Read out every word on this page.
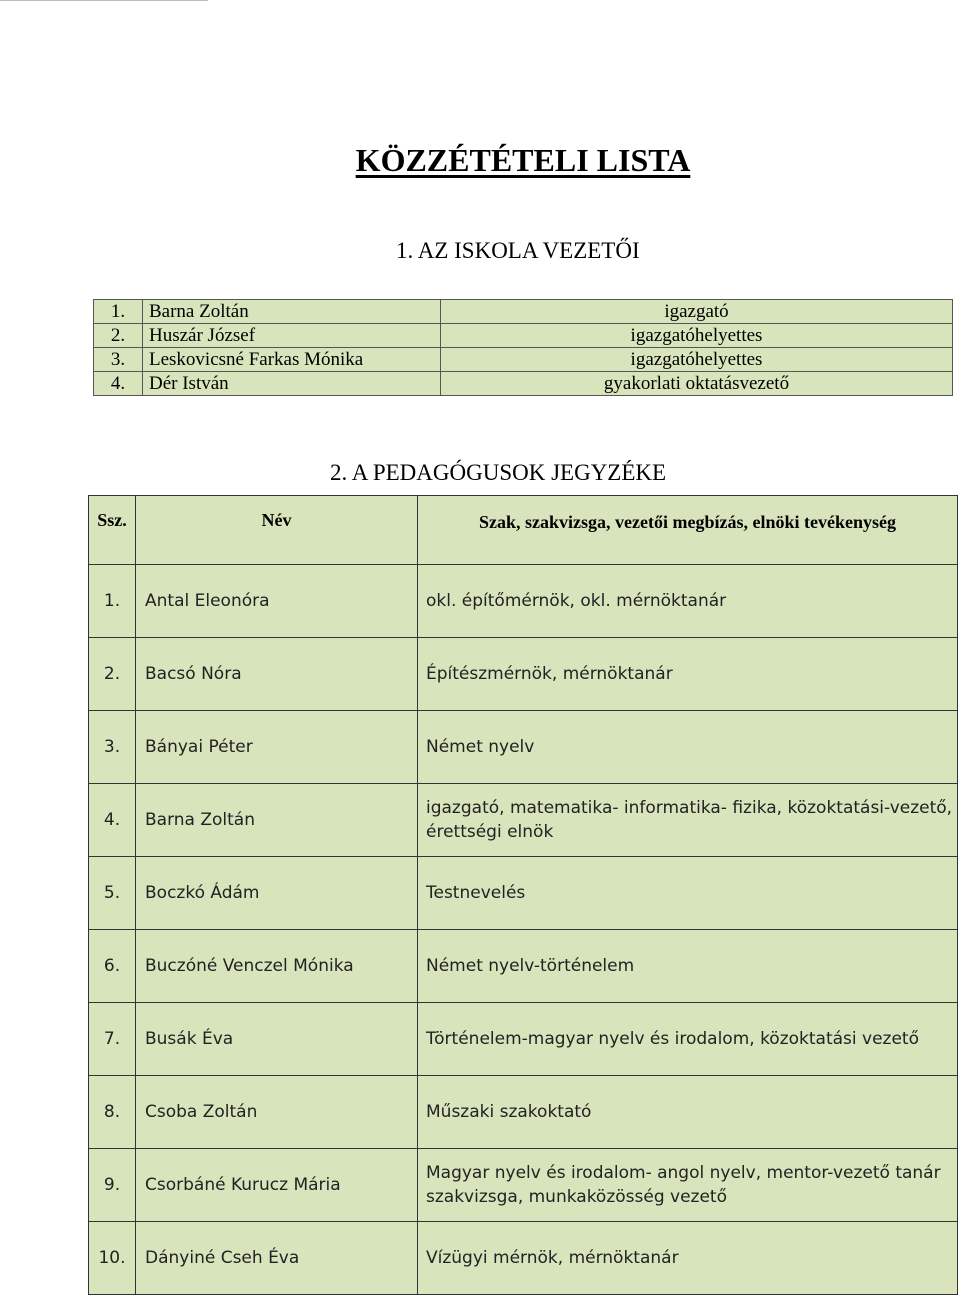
KÖZZÉTÉTELI LISTA
1. AZ ISKOLA VEZETŐI
1.	Barna Zoltán	igazgató
2.	Huszár József	igazgatóhelyettes
3.	Leskovicsné Farkas Mónika	igazgatóhelyettes
4.	Dér István	gyakorlati oktatásvezető
2. A PEDAGÓGUSOK JEGYZÉKE
Ssz.	Név	Szak, szakvizsga, vezetői megbízás, elnöki tevékenység
1.	Antal Eleonóra	okl. építőmérnök, okl. mérnöktanár
2.	Bacsó Nóra	Építészmérnök, mérnöktanár
3.	Bányai Péter	Német nyelv
4.	Barna Zoltán	igazgató, matematika- informatika- fizika, közoktatási-vezető, érettségi elnök
5.	Boczkó Ádám	Testnevelés
6.	Buczóné Venczel Mónika	Német nyelv-történelem
7.	Busák Éva	Történelem-magyar nyelv és irodalom, közoktatási vezető
8.	Csoba Zoltán	Műszaki szakoktató
9.	Csorbáné Kurucz Mária	Magyar nyelv és irodalom- angol nyelv, mentor-vezető tanár szakvizsga, munkaközösség vezető
10.	Dányiné Cseh Éva	Vízügyi mérnök, mérnöktanár
